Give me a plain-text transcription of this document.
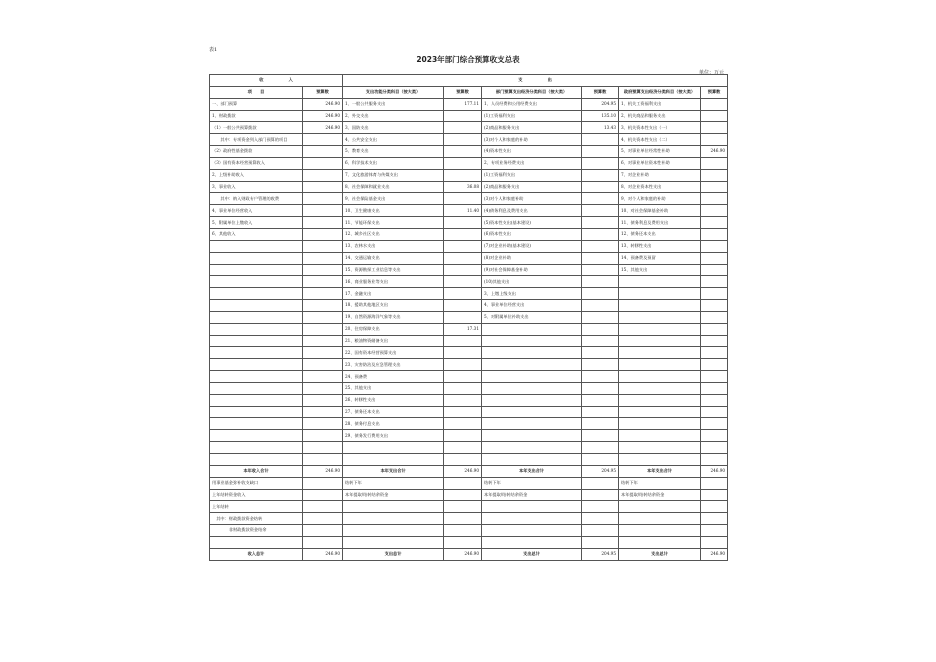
表1
2023年部门综合预算收支总表
单位：万元
收　　　　　　入		支　　　　　　出					
项　　目	预算数	支出功能分类科目（按大类）	预算数	部门预算支出经济分类科目（按大类）	预算数	政府预算支出经济分类科目（按大类）	预算数
一、部门预算	246.90	1、一般公共服务支出	177.11	1、人员经费和公用经费支出	204.95	1、机关工资福利支出	
1、财政拨款	246.90	2、外交支出		(1)工资福利支出	135.10	2、机关商品和服务支出	
（1）一般公共预算拨款	246.90	3、国防支出		(2)商品和服务支出	13.43	3、机关资本性支出（一）	
　　其中：专项资金列入部门预算的项目		4、公共安全支出		(3)对个人和家庭的补助		4、机关资本性支出（二）	
（2）政府性基金拨款		5、教育支出		(4)资本性支出		5、对事业单位经常性补助	246.90
（3）国有资本经营预算收入		6、科学技术支出		2、专项业务经费支出		6、对事业单位资本性补助	
2、上级补助收入		7、文化旅游体育与传媒支出		(1)工资福利支出		7、对企业补助	
3、事业收入		8、社会保障和就业支出	36.08	(2)商品和服务支出		8、对企业资本性支出	
　　其中：纳入财政专户管理的收费		9、社会保险基金支出		(3)对个人和家庭补助		9、对个人和家庭的补助	
4、事业单位经营收入		10、卫生健康支出	11.40	(4)债务利息及费用支出		10、对社会保障基金补助	
5、附属单位上缴收入		11、节能环保支出		(5)资本性支出(基本建设)		11、债务利息及费用支出	
6、其他收入		12、城乡社区支出		(6)资本性支出		12、债务还本支出	
		13、农林水支出		(7)对企业补助(基本建设)		13、转移性支出	
		14、交通运输支出		(8)对企业补助		14、预备费及预留	
		15、资源勘探工业信息等支出		(9)对社会保障基金补助		15、其他支出	
		16、商业服务业等支出		(10)其他支出			
		17、金融支出		3、上缴上级支出			
		18、援助其他地区支出		4、事业单位经营支出			
		19、自然资源海洋气象等支出		5、对附属单位补助支出			
		20、住房保障支出	17.31				
		21、粮油物资储备支出					
		22、国有资本经营预算支出					
		23、灾害防治及应急管理支出					
		24、预备费					
		25、其他支出					
		26、转移性支出					
		27、债务还本支出					
		28、债务付息支出					
		29、债务发行费用支出					

本年收入合计	246.90	本年支出合计	246.90	本年支出合计	204.95	本年支出合计	246.90
用事业基金弥补收支缺口		结转下年		结转下年		结转下年	
上年结转资金收入		本年提取/结转结余资金		本年提取/结转结余资金		本年提取/结转结余资金	
上年结转							
　其中：财政拨款资金结转							
　　　　非财政拨款资金结余							

收入总计	246.90	支出总计	246.90	支出总计	204.95	支出总计	246.90
